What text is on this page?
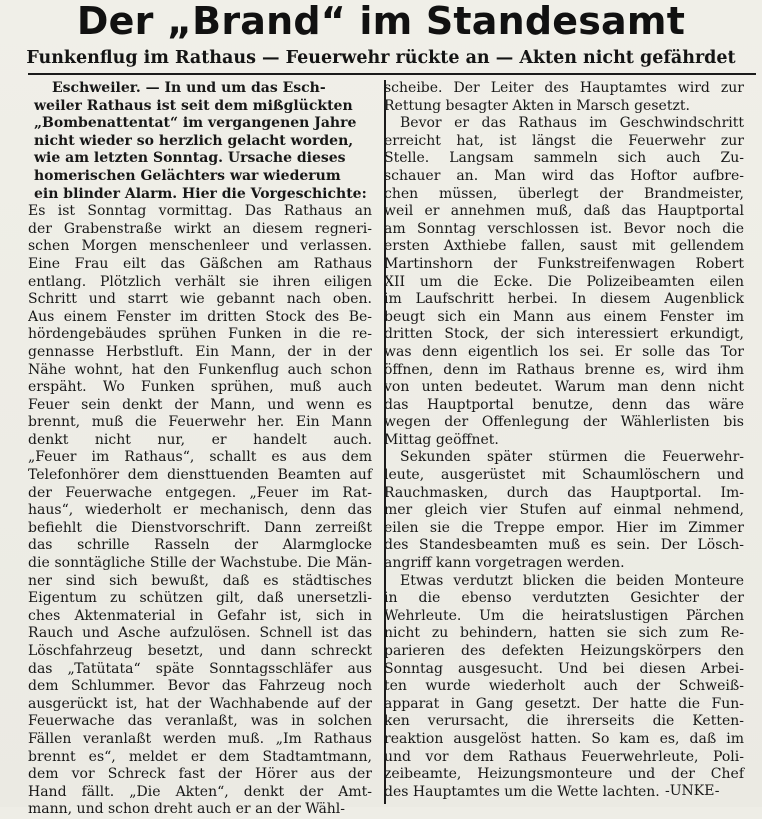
Der „Brand“ im Standesamt
Funkenflug im Rathaus — Feuerwehr rückte an — Akten nicht gefährdet
Eschweiler. — In und um das Esch-
weiler Rathaus ist seit dem mißglückten
„Bombenattentat“ im vergangenen Jahre
nicht wieder so herzlich gelacht worden,
wie am letzten Sonntag. Ursache dieses
homerischen Gelächters war wiederum
ein blinder Alarm. Hier die Vorgeschichte:
Es ist Sonntag vormittag. Das Rathaus an
der Grabenstraße wirkt an diesem regneri-
schen Morgen menschenleer und verlassen.
Eine Frau eilt das Gäßchen am Rathaus
entlang. Plötzlich verhält sie ihren eiligen
Schritt und starrt wie gebannt nach oben.
Aus einem Fenster im dritten Stock des Be-
hördengebäudes sprühen Funken in die re-
gennasse Herbstluft. Ein Mann, der in der
Nähe wohnt, hat den Funkenflug auch schon
erspäht. Wo Funken sprühen, muß auch
Feuer sein denkt der Mann, und wenn es
brennt, muß die Feuerwehr her. Ein Mann
denkt nicht nur, er handelt auch.
„Feuer im Rathaus“, schallt es aus dem
Telefonhörer dem diensttuenden Beamten auf
der Feuerwache entgegen. „Feuer im Rat-
haus“, wiederholt er mechanisch, denn das
befiehlt die Dienstvorschrift. Dann zerreißt
das schrille Rasseln der Alarmglocke
die sonntägliche Stille der Wachstube. Die Män-
ner sind sich bewußt, daß es städtisches
Eigentum zu schützen gilt, daß unersetzli-
ches Aktenmaterial in Gefahr ist, sich in
Rauch und Asche aufzulösen. Schnell ist das
Löschfahrzeug besetzt, und dann schreckt
das „Tatütata“ späte Sonntagsschläfer aus
dem Schlummer. Bevor das Fahrzeug noch
ausgerückt ist, hat der Wachhabende auf der
Feuerwache das veranlaßt, was in solchen
Fällen veranlaßt werden muß. „Im Rathaus
brennt es“, meldet er dem Stadtamtmann,
dem vor Schreck fast der Hörer aus der
Hand fällt. „Die Akten“, denkt der Amt-
mann, und schon dreht auch er an der Wähl-
scheibe. Der Leiter des Hauptamtes wird zur
Rettung besagter Akten in Marsch gesetzt.
Bevor er das Rathaus im Geschwindschritt
erreicht hat, ist längst die Feuerwehr zur
Stelle. Langsam sammeln sich auch Zu-
schauer an. Man wird das Hoftor aufbre-
chen müssen, überlegt der Brandmeister,
weil er annehmen muß, daß das Hauptportal
am Sonntag verschlossen ist. Bevor noch die
ersten Axthiebe fallen, saust mit gellendem
Martinshorn der Funkstreifenwagen Robert
XII um die Ecke. Die Polizeibeamten eilen
im Laufschritt herbei. In diesem Augenblick
beugt sich ein Mann aus einem Fenster im
dritten Stock, der sich interessiert erkundigt,
was denn eigentlich los sei. Er solle das Tor
öffnen, denn im Rathaus brenne es, wird ihm
von unten bedeutet. Warum man denn nicht
das Hauptportal benutze, denn das wäre
wegen der Offenlegung der Wählerlisten bis
Mittag geöffnet.
Sekunden später stürmen die Feuerwehr-
leute, ausgerüstet mit Schaumlöschern und
Rauchmasken, durch das Hauptportal. Im-
mer gleich vier Stufen auf einmal nehmend,
eilen sie die Treppe empor. Hier im Zimmer
des Standesbeamten muß es sein. Der Lösch-
angriff kann vorgetragen werden.
Etwas verdutzt blicken die beiden Monteure
in die ebenso verdutzten Gesichter der
Wehrleute. Um die heiratslustigen Pärchen
nicht zu behindern, hatten sie sich zum Re-
parieren des defekten Heizungskörpers den
Sonntag ausgesucht. Und bei diesen Arbei-
ten wurde wiederholt auch der Schweiß-
apparat in Gang gesetzt. Der hatte die Fun-
ken verursacht, die ihrerseits die Ketten-
reaktion ausgelöst hatten. So kam es, daß im
und vor dem Rathaus Feuerwehrleute, Poli-
zeibeamte, Heizungsmonteure und der Chef
des Hauptamtes um die Wette lachten. -UNKE-
